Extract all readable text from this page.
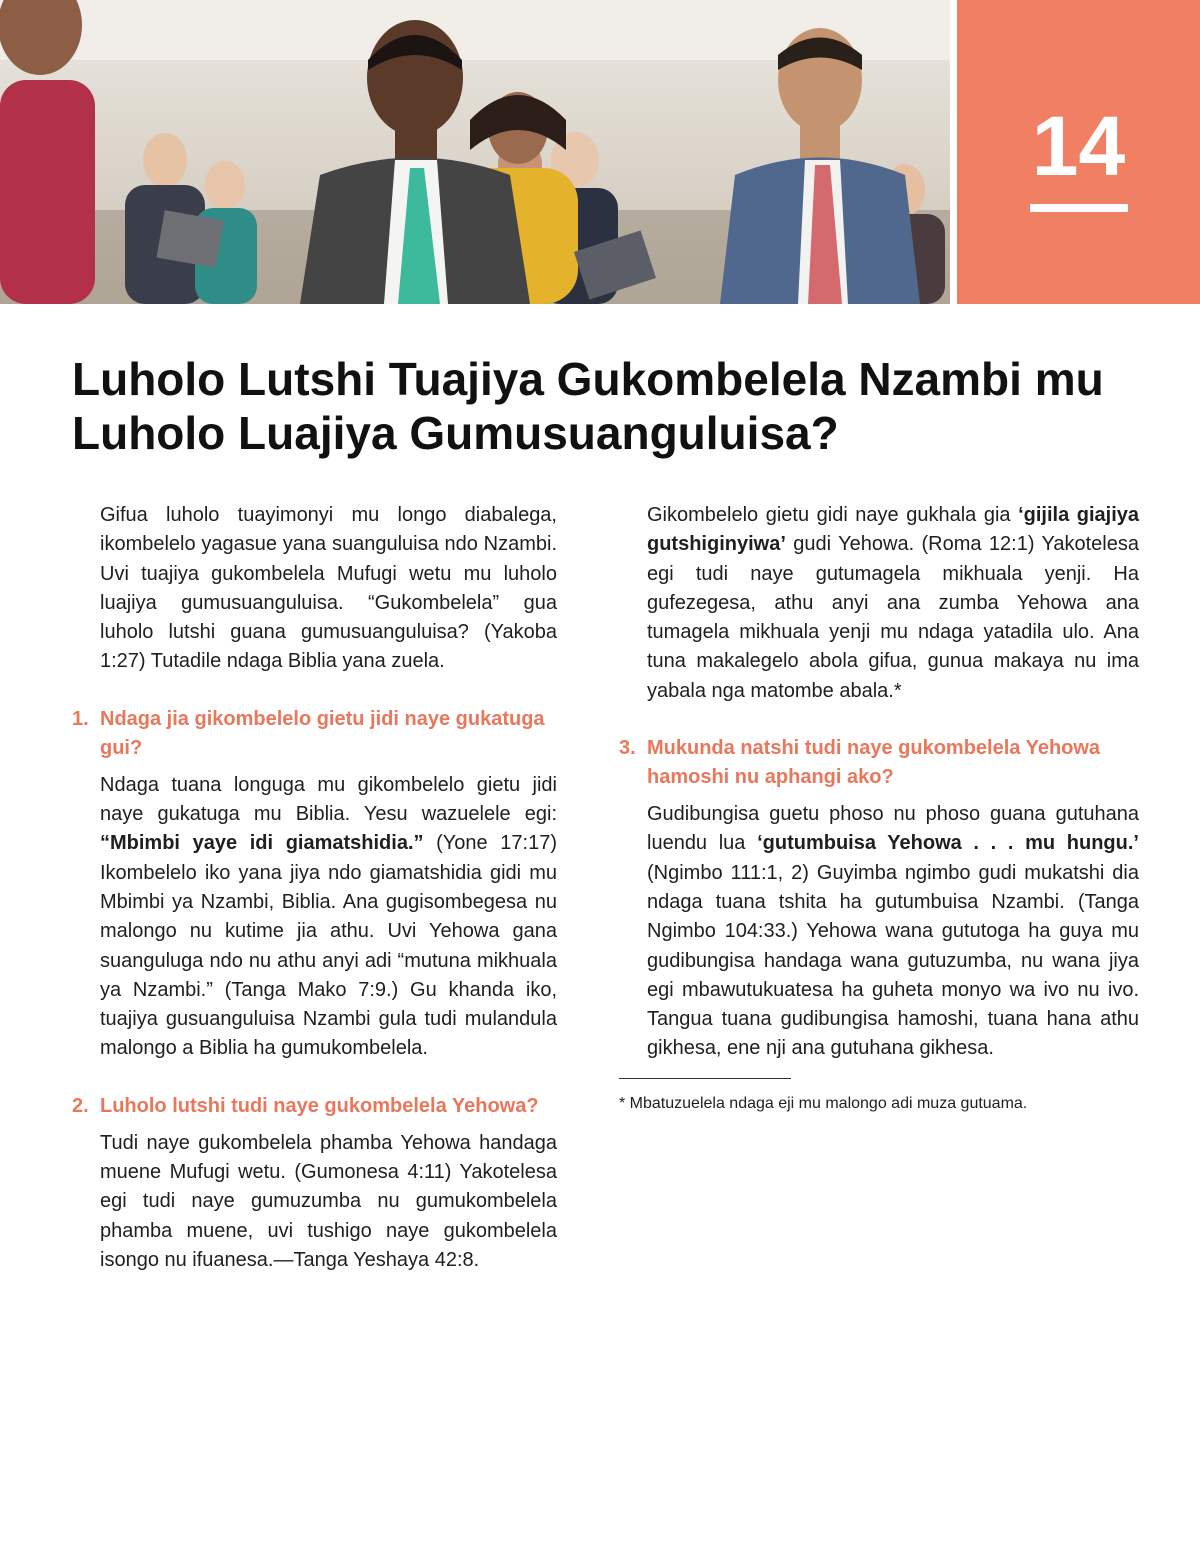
14
Luholo Lutshi Tuajiya Gukombelela Nzambi mu Luholo Luajiya Gumusuanguluisa?

Gifua luholo tuayimonyi mu longo diabalega, ikombelelo yagasue yana suanguluisa ndo Nzambi. Uvi tuajiya gukombelela Mufugi wetu mu luholo luajiya gumusuanguluisa. “Gukombelela” gua luholo lutshi guana gumusuanguluisa? (Yakoba 1:27) Tutadile ndaga Biblia yana zuela.

1. Ndaga jia gikombelelo gietu jidi naye gukatuga gui?

Ndaga tuana longuga mu gikombelelo gietu jidi naye gukatuga mu Biblia. Yesu wazuelele egi: “Mbimbi yaye idi giamatshidia.” (Yone 17:17) Ikombelelo iko yana jiya ndo giamatshidia gidi mu Mbimbi ya Nzambi, Biblia. Ana gugisombegesa nu malongo nu kutime jia athu. Uvi Yehowa gana suanguluga ndo nu athu anyi adi “mutuna mikhuala ya Nzambi.” (Tanga Mako 7:9.) Gu khanda iko, tuajiya gusuanguluisa Nzambi gula tudi mulandula malongo a Biblia ha gumukombelela.

2. Luholo lutshi tudi naye gukombelela Yehowa?

Tudi naye gukombelela phamba Yehowa handaga muene Mufugi wetu. (Gumonesa 4:11) Yakotelesa egi tudi naye gumuzumba nu gumukombelela phamba muene, uvi tushigo naye gukombelela isongo nu ifuanesa.—Tanga Yeshaya 42:8.

Gikombelelo gietu gidi naye gukhala gia ‘gijila giajiya gutshiginyiwa’ gudi Yehowa. (Roma 12:1) Yakotelesa egi tudi naye gutumagela mikhuala yenji. Ha gufezegesa, athu anyi ana zumba Yehowa ana tumagela mikhuala yenji mu ndaga yatadila ulo. Ana tuna makalegelo abola gifua, gunua makaya nu ima yabala nga matombe abala.*

3. Mukunda natshi tudi naye gukombelela Yehowa hamoshi nu aphangi ako?

Gudibungisa guetu phoso nu phoso guana gutuhana luendu lua ‘gutumbuisa Yehowa . . . mu hungu.’ (Ngimbo 111:1, 2) Guyimba ngimbo gudi mukatshi dia ndaga tuana tshita ha gutumbuisa Nzambi. (Tanga Ngimbo 104:33.) Yehowa wana gututoga ha guya mu gudibungisa handaga wana gutuzumba, nu wana jiya egi mbawutukuatesa ha guheta monyo wa ivo nu ivo. Tangua tuana gudibungisa hamoshi, tuana hana athu gikhesa, ene nji ana gutuhana gikhesa.

* Mbatuzuelela ndaga eji mu malongo adi muza gutuama.
